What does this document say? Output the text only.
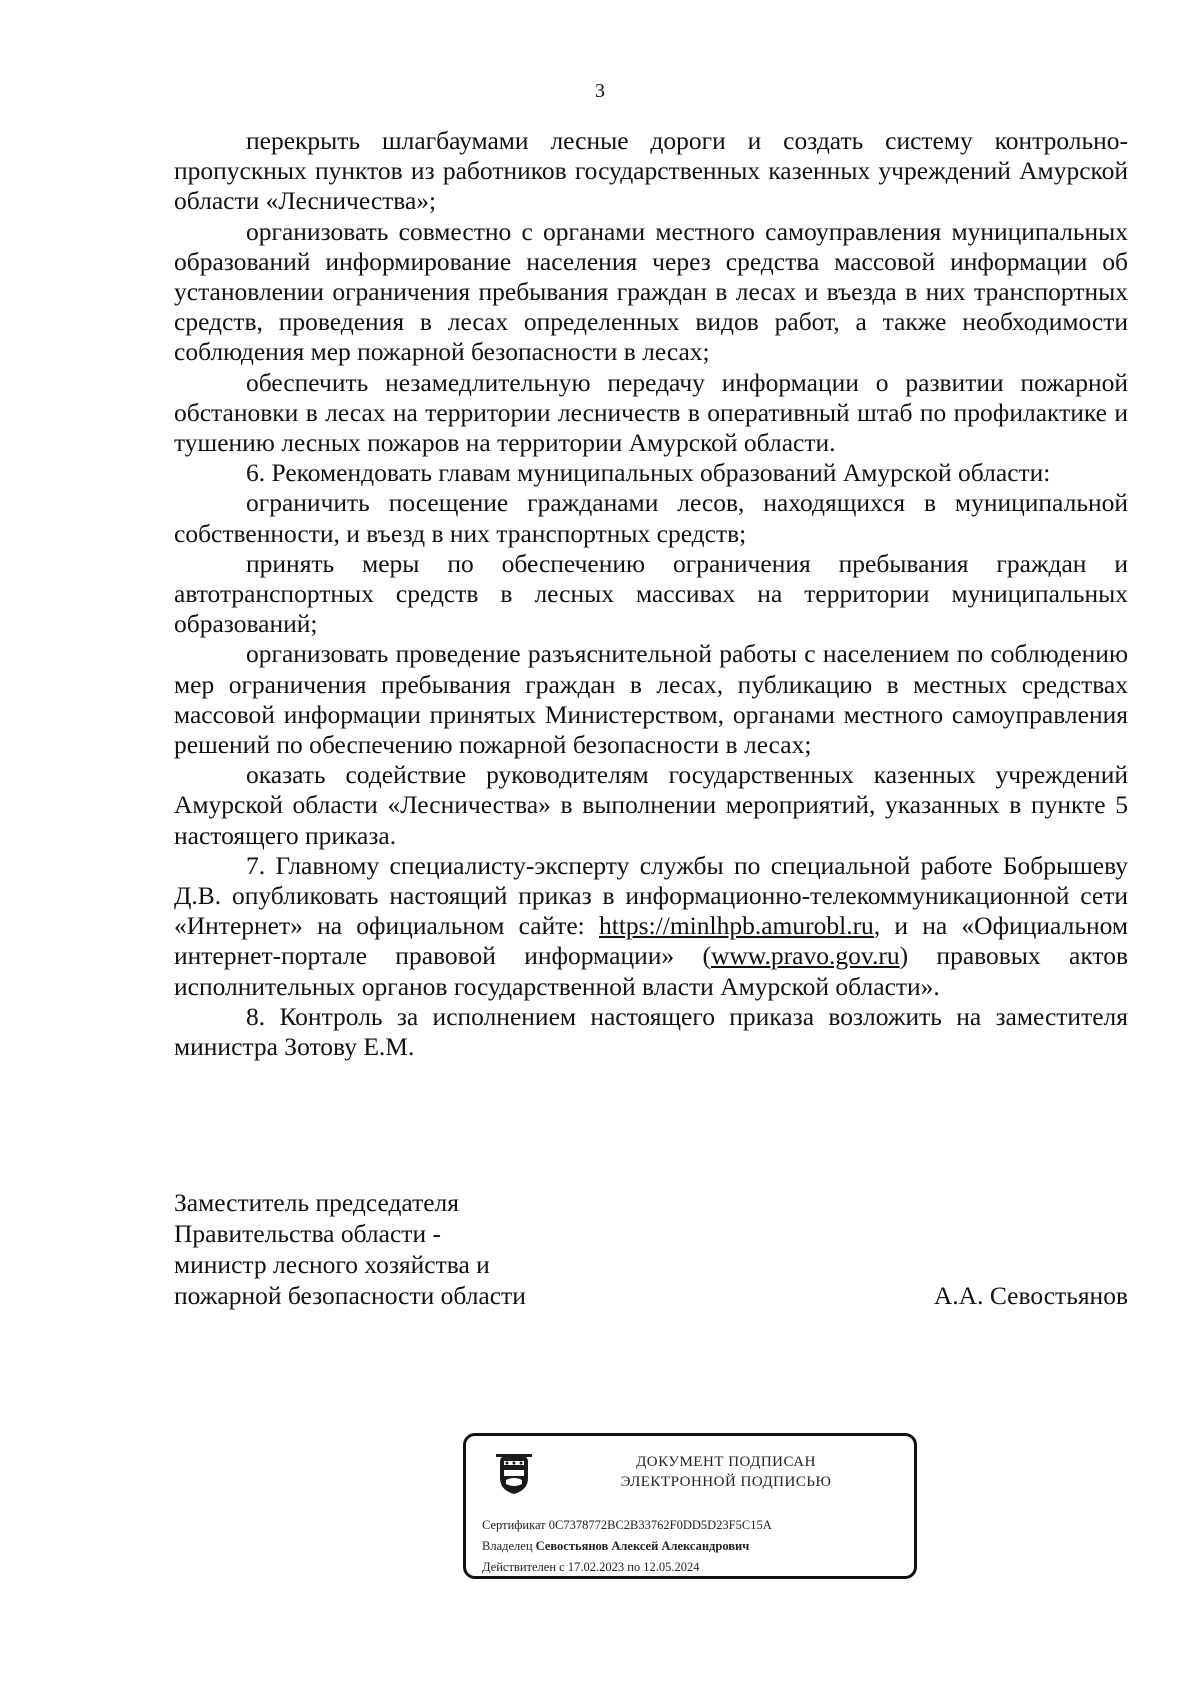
3

перекрыть шлагбаумами лесные дороги и создать систему контрольно-пропускных пунктов из работников государственных казенных учреждений Амурской области «Лесничества»;

организовать совместно с органами местного самоуправления муниципальных образований информирование населения через средства массовой информации об установлении ограничения пребывания граждан в лесах и въезда в них транспортных средств, проведения в лесах определенных видов работ, а также необходимости соблюдения мер пожарной безопасности в лесах;

обеспечить незамедлительную передачу информации о развитии пожарной обстановки в лесах на территории лесничеств в оперативный штаб по профилактике и тушению лесных пожаров на территории Амурской области.

6. Рекомендовать главам муниципальных образований Амурской области:

ограничить посещение гражданами лесов, находящихся в муниципальной собственности, и въезд в них транспортных средств;

принять меры по обеспечению ограничения пребывания граждан и автотранспортных средств в лесных массивах на территории муниципальных образований;

организовать проведение разъяснительной работы с населением по соблюдению мер ограничения пребывания граждан в лесах, публикацию в местных средствах массовой информации принятых Министерством, органами местного самоуправления решений по обеспечению пожарной безопасности в лесах;

оказать содействие руководителям государственных казенных учреждений Амурской области «Лесничества» в выполнении мероприятий, указанных в пункте 5 настоящего приказа.

7. Главному специалисту-эксперту службы по специальной работе Бобрышеву Д.В. опубликовать настоящий приказ в информационно-телекоммуникационной сети «Интернет» на официальном сайте: https://minlhpb.amurobl.ru, и на «Официальном интернет-портале правовой информации» (www.pravo.gov.ru) правовых актов исполнительных органов государственной власти Амурской области».

8. Контроль за исполнением настоящего приказа возложить на заместителя министра Зотову Е.М.

Заместитель председателя
Правительства области -
министр лесного хозяйства и
пожарной безопасности области	А.А. Севостьянов
ДОКУМЕНТ ПОДПИСАН
ЭЛЕКТРОННОЙ ПОДПИСЬЮ
Сертификат 0C7378772BC2B33762F0DD5D23F5C15A
Владелец Севостьянов Алексей Александрович
Действителен с 17.02.2023 по 12.05.2024
